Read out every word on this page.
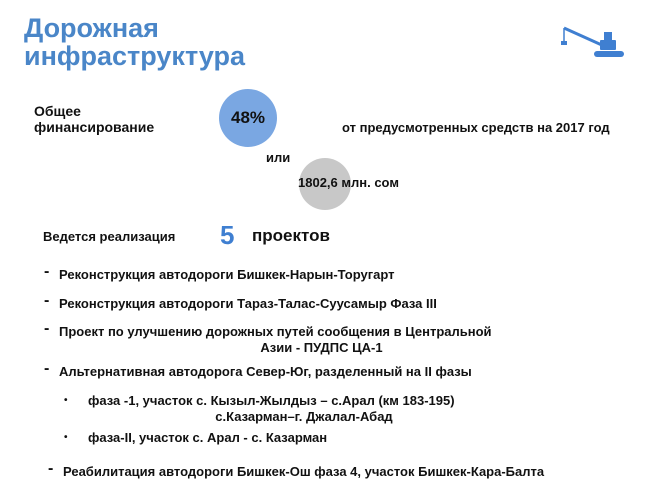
Дорожная
инфраструктура
Общее
финансирование	48%
от предусмотренных средств на 2017 год
или
1802,6 млн. сом
Ведется реализация 5 проектов
- Реконструкция автодороги Бишкек-Нарын-Торугарт
- Реконструкция автодороги Тараз-Талас-Суусамыр Фаза III
- Проект по улучшению дорожных путей сообщения в Центральной
Азии - ПУДПС ЦА-1
- Альтернативная автодорога Север-Юг, разделенный на II фазы
•	фаза -1, участок с. Кызыл-Жылдыз – с.Арал (км 183-195)
с.Казарман–г. Джалал-Абад
•	фаза-II, участок с. Арал - с. Казарман
- Реабилитация автодороги Бишкек-Ош фаза 4, участок Бишкек-Кара-Балта
